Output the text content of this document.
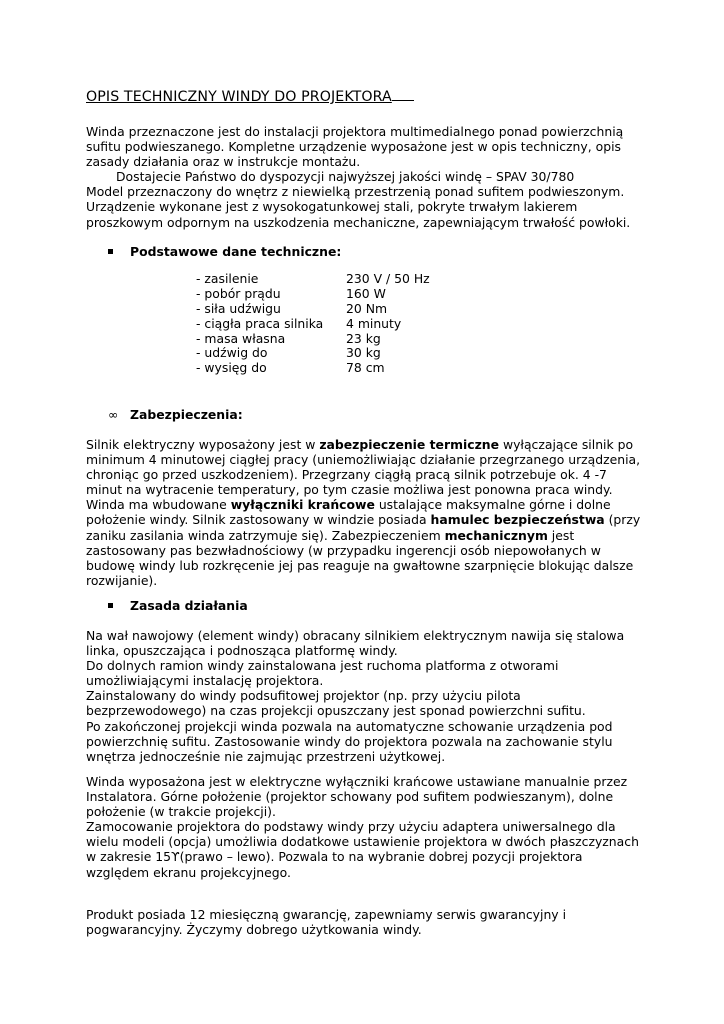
OPIS TECHNICZNY WINDY DO PROJEKTORA
Winda przeznaczone jest do instalacji projektora multimedialnego ponad powierzchnią
sufitu podwieszanego. Kompletne urządzenie wyposażone jest w opis techniczny, opis
zasady działania oraz w instrukcje montażu.
Dostajecie Państwo do dyspozycji najwyższej jakości windę – SPAV 30/780
Model przeznaczony do wnętrz z niewielką przestrzenią ponad sufitem podwieszonym.
Urządzenie wykonane jest z wysokogatunkowej stali, pokryte trwałym lakierem
proszkowym odpornym na uszkodzenia mechaniczne, zapewniającym trwałość powłoki.
Podstawowe dane techniczne:
- zasilenie	230 V / 50 Hz
- pobór prądu	160 W
- siła udźwigu	20 Nm
- ciągła praca silnika	4 minuty
- masa własna	23 kg
- udźwig do	30 kg
- wysięg do	78 cm
∞ Zabezpieczenia:
Silnik elektryczny wyposażony jest w zabezpieczenie termiczne wyłączające silnik po
minimum 4 minutowej ciągłej pracy (uniemożliwiając działanie przegrzanego urządzenia,
chroniąc go przed uszkodzeniem). Przegrzany ciągłą pracą silnik potrzebuje ok. 4 -7
minut na wytracenie temperatury, po tym czasie możliwa jest ponowna praca windy.
Winda ma wbudowane wyłączniki krańcowe ustalające maksymalne górne i dolne
położenie windy. Silnik zastosowany w windzie posiada hamulec bezpieczeństwa (przy
zaniku zasilania winda zatrzymuje się). Zabezpieczeniem mechanicznym jest
zastosowany pas bezwładnościowy (w przypadku ingerencji osób niepowołanych w
budowę windy lub rozkręcenie jej pas reaguje na gwałtowne szarpnięcie blokując dalsze
rozwijanie).
Zasada działania
Na wał nawojowy (element windy) obracany silnikiem elektrycznym nawija się stalowa
linka, opuszczająca i podnosząca platformę windy.
Do dolnych ramion windy zainstalowana jest ruchoma platforma z otworami
umożliwiającymi instalację projektora.
Zainstalowany do windy podsufitowej projektor (np. przy użyciu pilota
bezprzewodowego) na czas projekcji opuszczany jest sponad powierzchni sufitu.
Po zakończonej projekcji winda pozwala na automatyczne schowanie urządzenia pod
powierzchnię sufitu. Zastosowanie windy do projektora pozwala na zachowanie stylu
wnętrza jednocześnie nie zajmując przestrzeni użytkowej.
Winda wyposażona jest w elektryczne wyłączniki krańcowe ustawiane manualnie przez
Instalatora. Górne położenie (projektor schowany pod sufitem podwieszanym), dolne
położenie (w trakcie projekcji).
Zamocowanie projektora do podstawy windy przy użyciu adaptera uniwersalnego dla
wielu modeli (opcja) umożliwia dodatkowe ustawienie projektora w dwóch płaszczyznach
w zakresie 15ϒ(prawo – lewo). Pozwala to na wybranie dobrej pozycji projektora
względem ekranu projekcyjnego.
Produkt posiada 12 miesięczną gwarancję, zapewniamy serwis gwarancyjny i
pogwarancyjny. Życzymy dobrego użytkowania windy.
